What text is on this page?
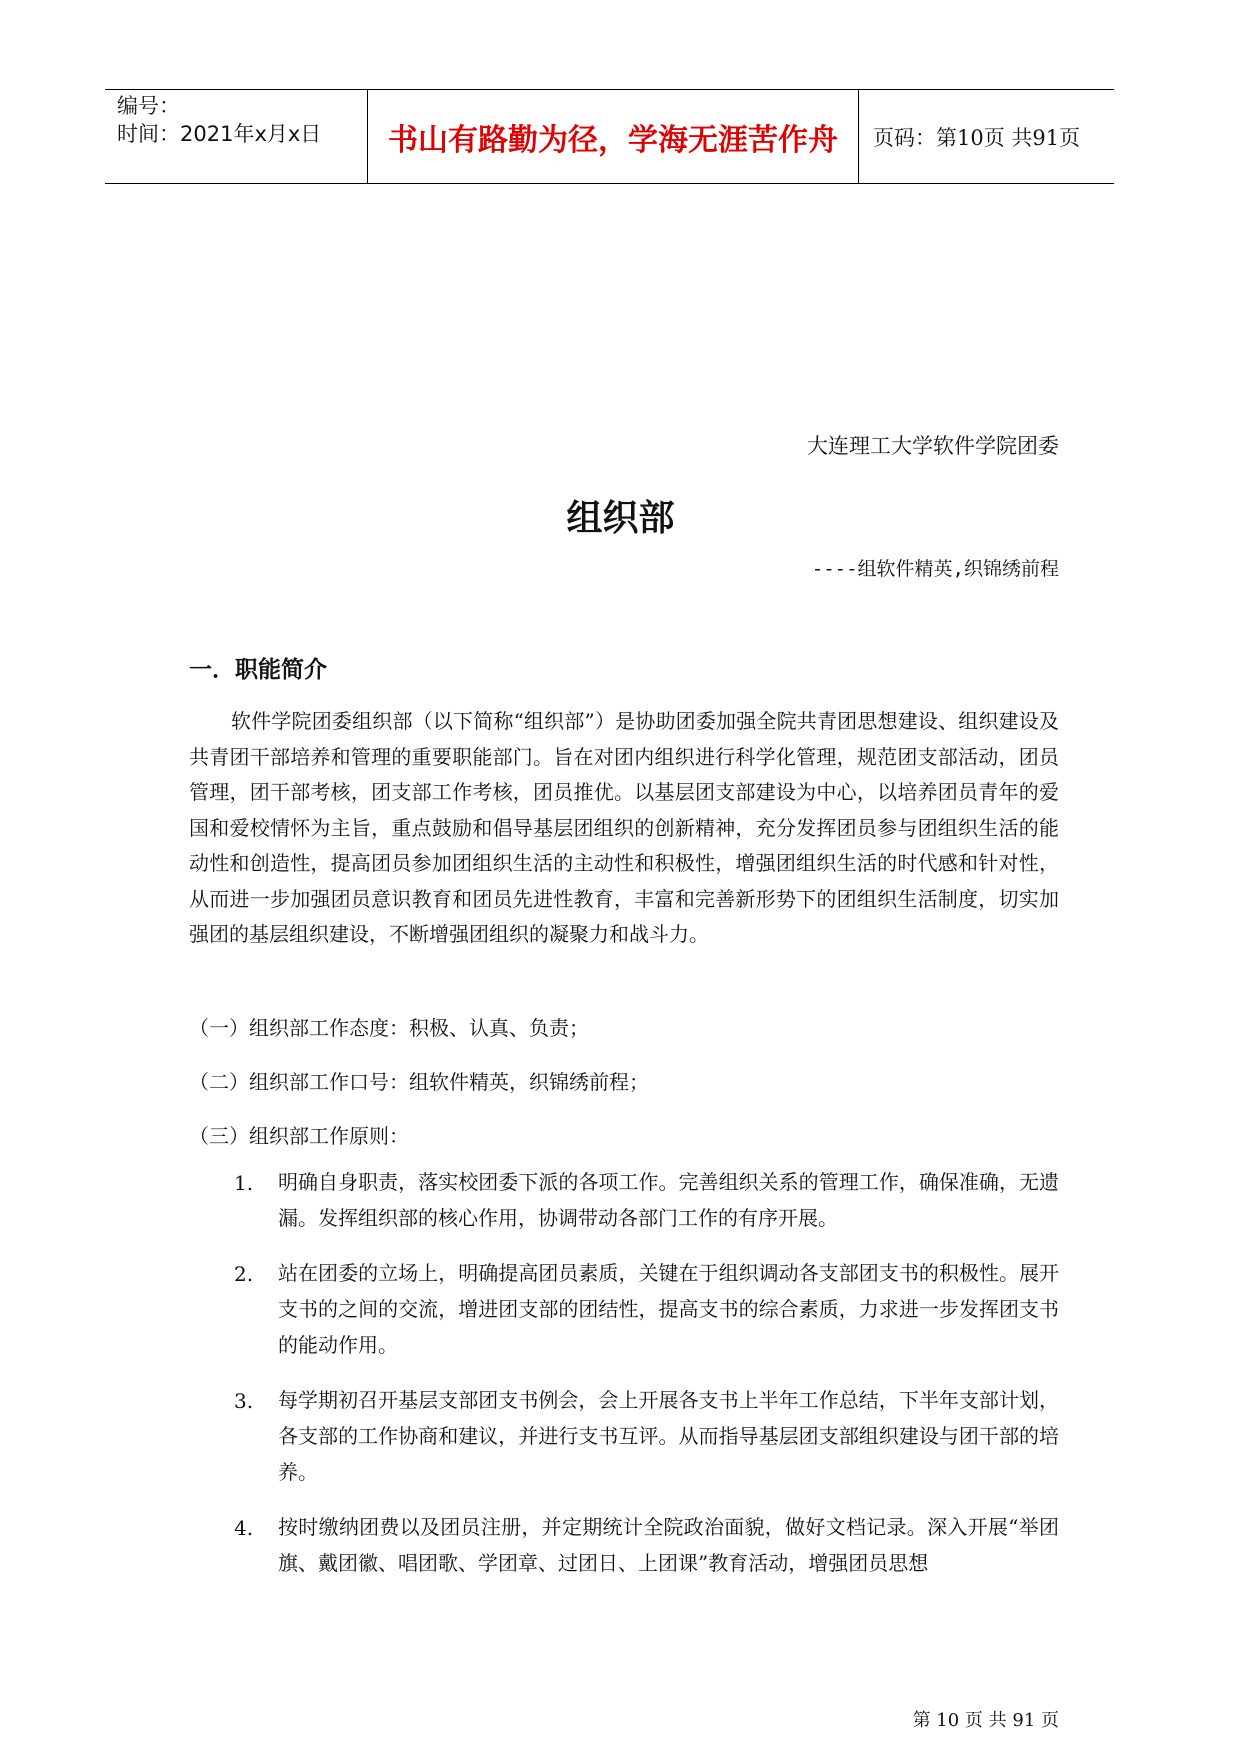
编号：
时间：2021年x月x日	书山有路勤为径，学海无涯苦作舟	页码：第10页 共91页
大连理工大学软件学院团委
组织部
----组软件精英,织锦绣前程
一．职能简介

软件学院团委组织部（以下简称“组织部”）是协助团委加强全院共青团思想建设、组织建设及共青团干部培养和管理的重要职能部门。旨在对团内组织进行科学化管理，规范团支部活动，团员管理，团干部考核，团支部工作考核，团员推优。以基层团支部建设为中心，以培养团员青年的爱国和爱校情怀为主旨，重点鼓励和倡导基层团组织的创新精神，充分发挥团员参与团组织生活的能动性和创造性，提高团员参加团组织生活的主动性和积极性，增强团组织生活的时代感和针对性，从而进一步加强团员意识教育和团员先进性教育，丰富和完善新形势下的团组织生活制度，切实加强团的基层组织建设，不断增强团组织的凝聚力和战斗力。

（一）组织部工作态度：积极、认真、负责；
（二）组织部工作口号：组软件精英，织锦绣前程；
（三）组织部工作原则：
1. 明确自身职责，落实校团委下派的各项工作。完善组织关系的管理工作，确保准确，无遗漏。发挥组织部的核心作用，协调带动各部门工作的有序开展。

2. 站在团委的立场上，明确提高团员素质，关键在于组织调动各支部团支书的积极性。展开支书的之间的交流，增进团支部的团结性，提高支书的综合素质，力求进一步发挥团支书的能动作用。

3. 每学期初召开基层支部团支书例会，会上开展各支书上半年工作总结，下半年支部计划，各支部的工作协商和建议，并进行支书互评。从而指导基层团支部组织建设与团干部的培养。

4. 按时缴纳团费以及团员注册，并定期统计全院政治面貌，做好文档记录。深入开展“举团旗、戴团徽、唱团歌、学团章、过团日、上团课”教育活动，增强团员思想

第 10 页 共 91 页
